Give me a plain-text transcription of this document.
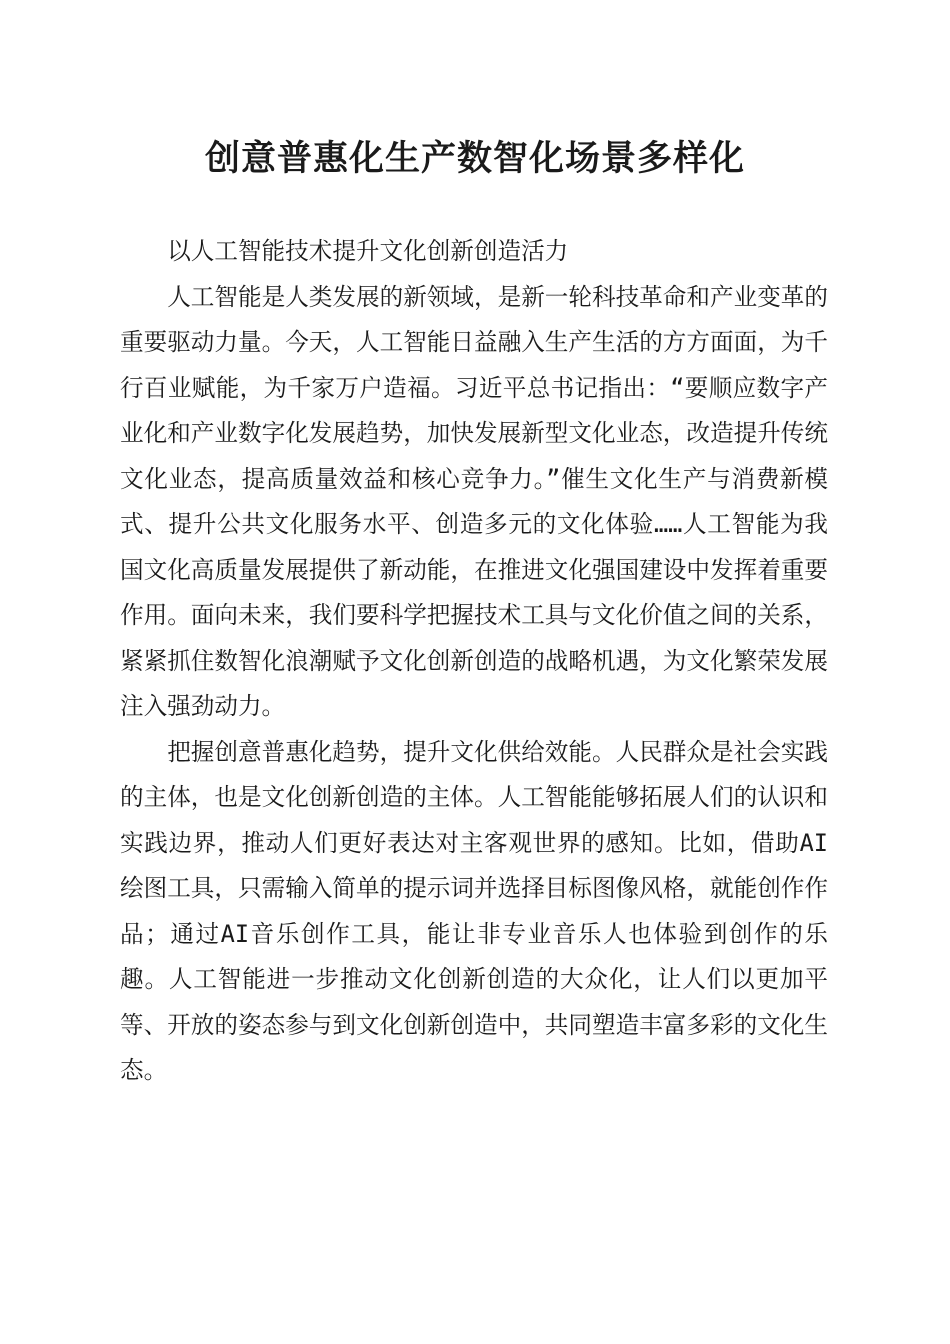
创意普惠化生产数智化场景多样化

以人工智能技术提升文化创新创造活力

人工智能是人类发展的新领域，是新一轮科技革命和产业变革的重要驱动力量。今天，人工智能日益融入生产生活的方方面面，为千行百业赋能，为千家万户造福。习近平总书记指出：“要顺应数字产业化和产业数字化发展趋势，加快发展新型文化业态，改造提升传统文化业态，提高质量效益和核心竞争力。”催生文化生产与消费新模式、提升公共文化服务水平、创造多元的文化体验……人工智能为我国文化高质量发展提供了新动能，在推进文化强国建设中发挥着重要作用。面向未来，我们要科学把握技术工具与文化价值之间的关系，紧紧抓住数智化浪潮赋予文化创新创造的战略机遇，为文化繁荣发展注入强劲动力。

把握创意普惠化趋势，提升文化供给效能。人民群众是社会实践的主体，也是文化创新创造的主体。人工智能能够拓展人们的认识和实践边界，推动人们更好表达对主客观世界的感知。比如，借助AI绘图工具，只需输入简单的提示词并选择目标图像风格，就能创作作品；通过AI音乐创作工具，能让非专业音乐人也体验到创作的乐趣。人工智能进一步推动文化创新创造的大众化，让人们以更加平等、开放的姿态参与到文化创新创造中，共同塑造丰富多彩的文化生态。
